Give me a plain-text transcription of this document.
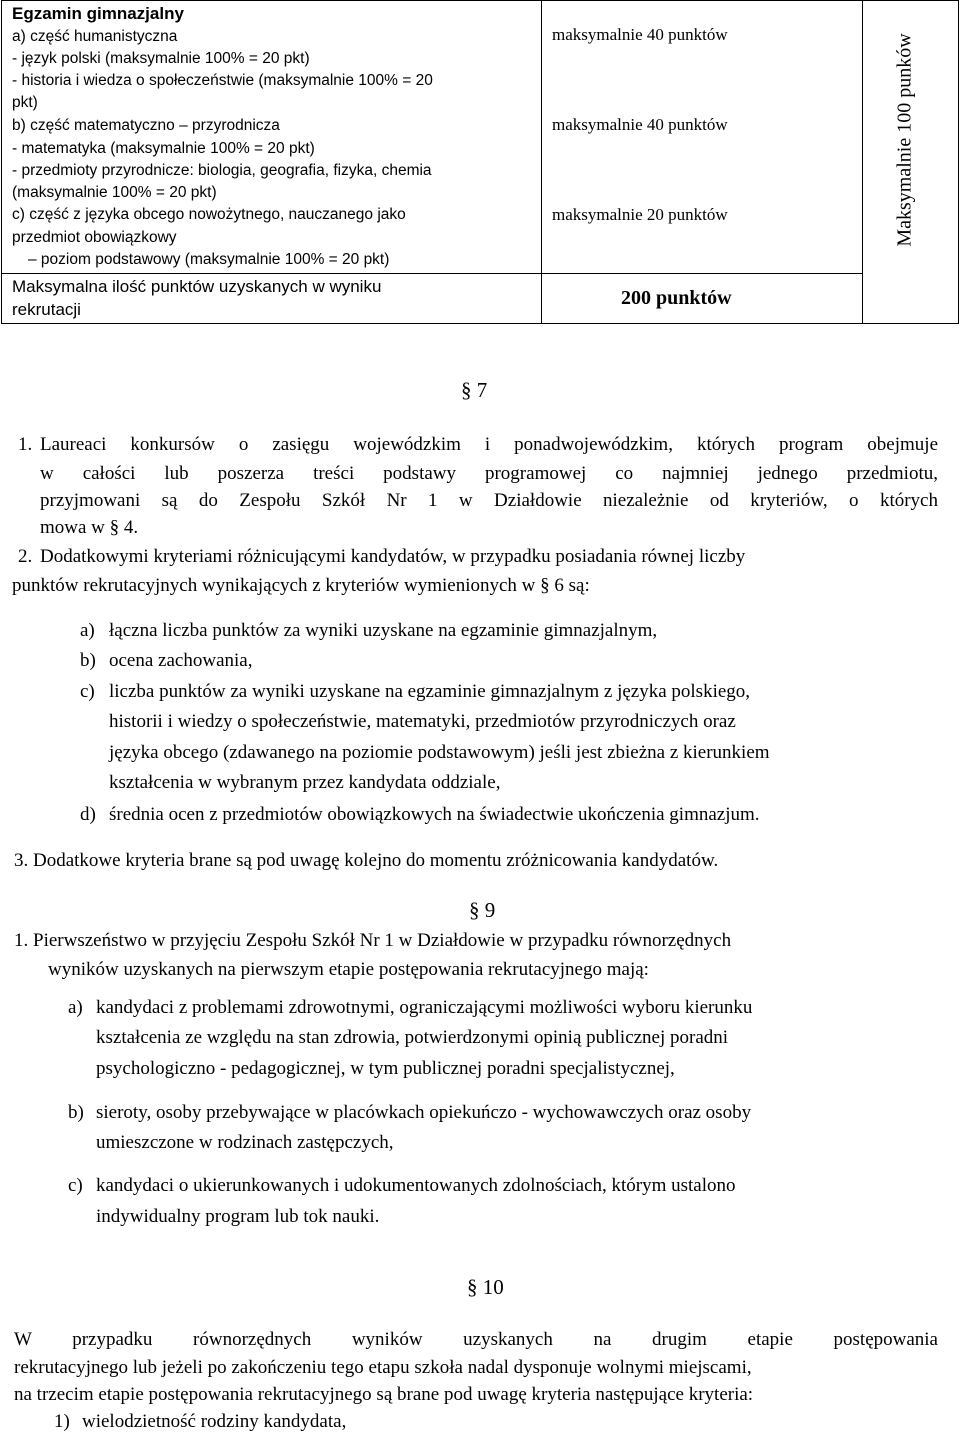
Egzamin gimnazjalny
a) część humanistyczna
- język polski (maksymalnie 100% = 20 pkt)
- historia i wiedza o społeczeństwie (maksymalnie 100% = 20
pkt)
b) część matematyczno – przyrodnicza
- matematyka (maksymalnie 100% = 20 pkt)
- przedmioty przyrodnicze: biologia, geografia, fizyka, chemia
(maksymalnie 100% = 20 pkt)
c) część z języka obcego nowożytnego, nauczanego jako
przedmiot obowiązkowy
– poziom podstawowy (maksymalnie 100% = 20 pkt)
Maksymalna ilość punktów uzyskanych w wyniku
rekrutacji
maksymalnie 40 punktów
maksymalnie 40 punktów
maksymalnie 20 punktów
200 punktów
Maksymalnie 100 punków
§ 7
1. Laureaci konkursów o zasięgu wojewódzkim i ponadwojewódzkim, których program obejmuje
w całości lub poszerza treści podstawy programowej co najmniej jednego przedmiotu,
przyjmowani są do Zespołu Szkół Nr 1 w Działdowie niezależnie od kryteriów, o których
mowa w § 4.
2. Dodatkowymi kryteriami różnicującymi kandydatów, w przypadku posiadania równej liczby
punktów rekrutacyjnych wynikających z kryteriów wymienionych w § 6 są:
a) łączna liczba punktów za wyniki uzyskane na egzaminie gimnazjalnym,
b) ocena zachowania,
c) liczba punktów za wyniki uzyskane na egzaminie gimnazjalnym z języka polskiego,
historii i wiedzy o społeczeństwie, matematyki, przedmiotów przyrodniczych oraz
języka obcego (zdawanego na poziomie podstawowym) jeśli jest zbieżna z kierunkiem
kształcenia w wybranym przez kandydata oddziale,
d) średnia ocen z przedmiotów obowiązkowych na świadectwie ukończenia gimnazjum.
3. Dodatkowe kryteria brane są pod uwagę kolejno do momentu zróżnicowania kandydatów.
§ 9
1. Pierwszeństwo w przyjęciu Zespołu Szkół Nr 1 w Działdowie w przypadku równorzędnych
wyników uzyskanych na pierwszym etapie postępowania rekrutacyjnego mają:
a) kandydaci z problemami zdrowotnymi, ograniczającymi możliwości wyboru kierunku
kształcenia ze względu na stan zdrowia, potwierdzonymi opinią publicznej poradni
psychologiczno - pedagogicznej, w tym publicznej poradni specjalistycznej,
b) sieroty, osoby przebywające w placówkach opiekuńczo - wychowawczych oraz osoby
umieszczone w rodzinach zastępczych,
c) kandydaci o ukierunkowanych i udokumentowanych zdolnościach, którym ustalono
indywidualny program lub tok nauki.
§ 10
W przypadku równorzędnych wyników uzyskanych na drugim etapie postępowania
rekrutacyjnego lub jeżeli po zakończeniu tego etapu szkoła nadal dysponuje wolnymi miejscami,
na trzecim etapie postępowania rekrutacyjnego są brane pod uwagę kryteria następujące kryteria:
1) wielodzietność rodziny kandydata,
